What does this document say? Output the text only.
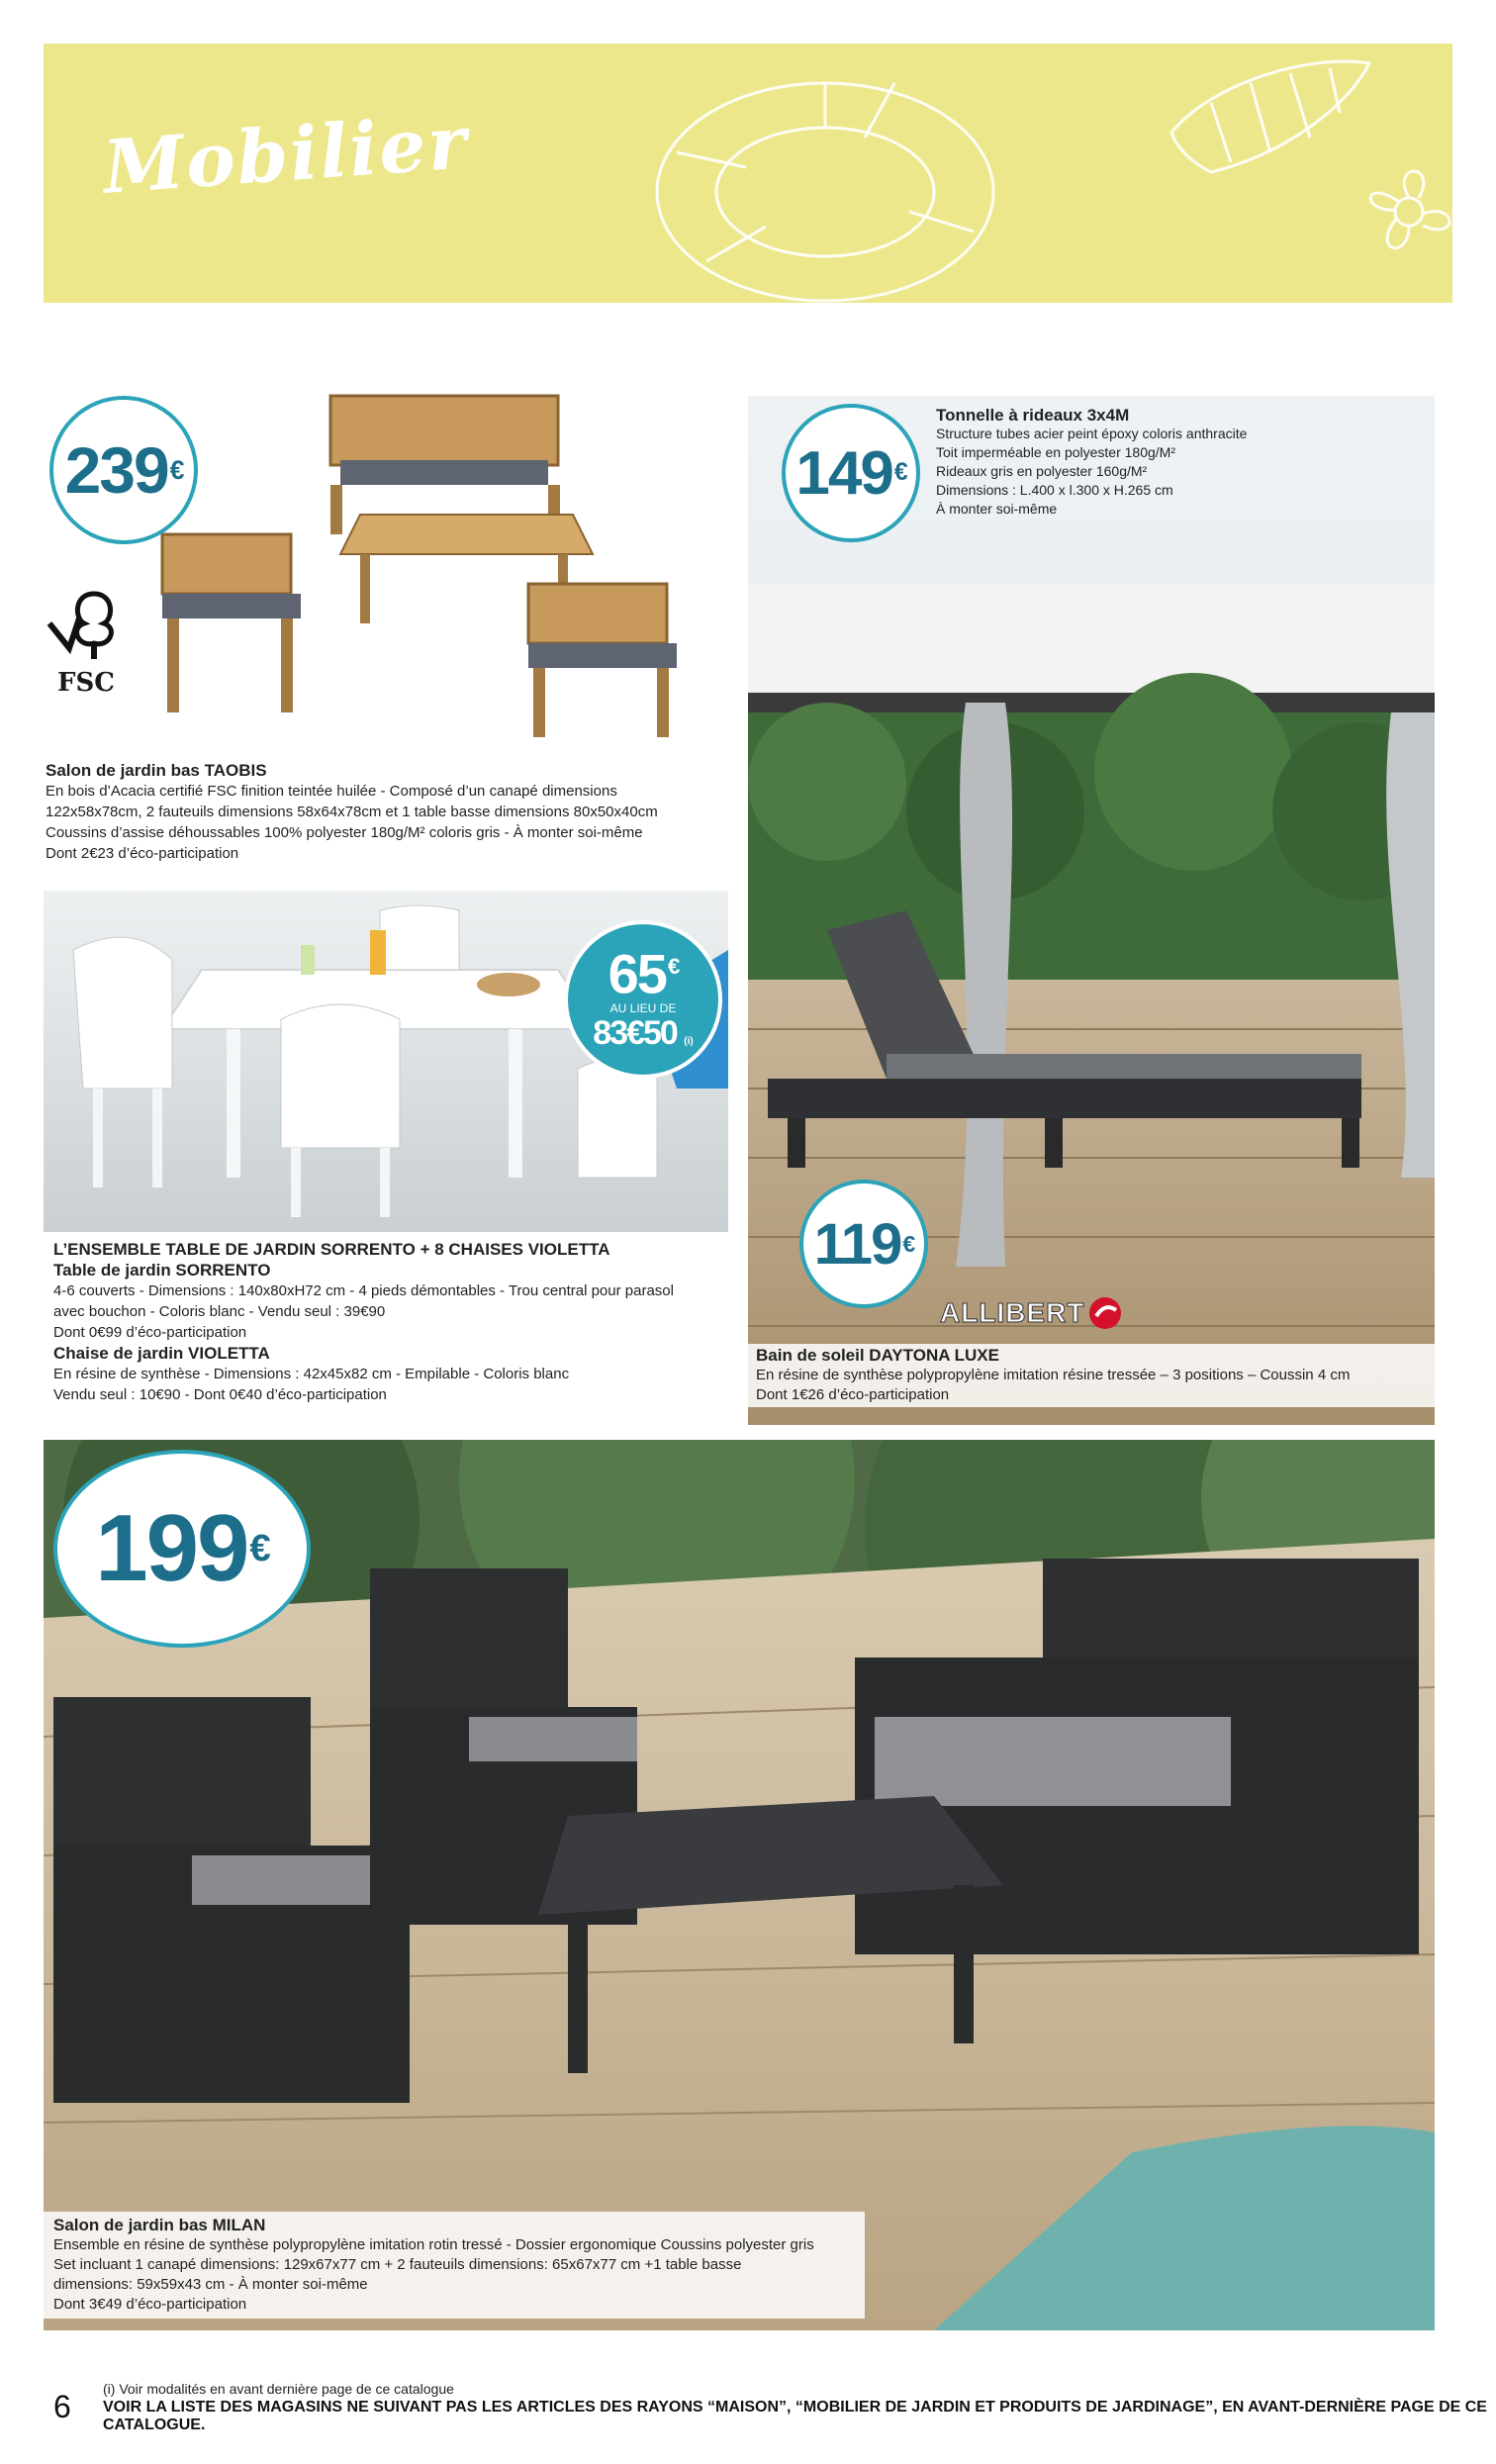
Mobilier
239 €
FSC
Salon de jardin bas TAOBIS
En bois d’Acacia certifié FSC finition teintée huilée - Composé d’un canapé dimensions
122x58x78cm, 2 fauteuils dimensions 58x64x78cm et 1 table basse dimensions 80x50x40cm
Coussins d’assise déhoussables 100% polyester 180g/M² coloris gris - À monter soi-même
Dont 2€23 d’éco-participation
65€
AU LIEU DE
83€50 (i)
L’ENSEMBLE TABLE DE JARDIN SORRENTO + 8 CHAISES VIOLETTA
Table de jardin SORRENTO
4-6 couverts - Dimensions : 140x80xH72 cm - 4 pieds démontables - Trou central pour parasol
avec bouchon - Coloris blanc - Vendu seul : 39€90
Dont 0€99 d’éco-participation
Chaise de jardin VIOLETTA
En résine de synthèse - Dimensions : 42x45x82 cm - Empilable - Coloris blanc
Vendu seul : 10€90 - Dont 0€40 d’éco-participation
149 €
Tonnelle à rideaux 3x4M
Structure tubes acier peint époxy coloris anthracite
Toit imperméable en polyester 180g/M²
Rideaux gris en polyester 160g/M²
Dimensions : L.400 x l.300 x H.265 cm
À monter soi-même
119 €
ALLIBERT
Bain de soleil DAYTONA LUXE
En résine de synthèse polypropylène imitation résine tressée – 3 positions – Coussin 4 cm
Dont 1€26 d’éco-participation
199 €
Salon de jardin bas MILAN
Ensemble en résine de synthèse polypropylène imitation rotin tressé - Dossier ergonomique Coussins polyester gris
Set incluant 1 canapé dimensions: 129x67x77 cm + 2 fauteuils dimensions: 65x67x77 cm +1 table basse
dimensions: 59x59x43 cm - À monter soi-même
Dont 3€49 d’éco-participation
6 (i) Voir modalités en avant dernière page de ce catalogue
VOIR LA LISTE DES MAGASINS NE SUIVANT PAS LES ARTICLES DES RAYONS “MAISON”, “MOBILIER DE JARDIN ET PRODUITS DE JARDINAGE”, EN AVANT-DERNIÈRE PAGE DE CE CATALOGUE.
